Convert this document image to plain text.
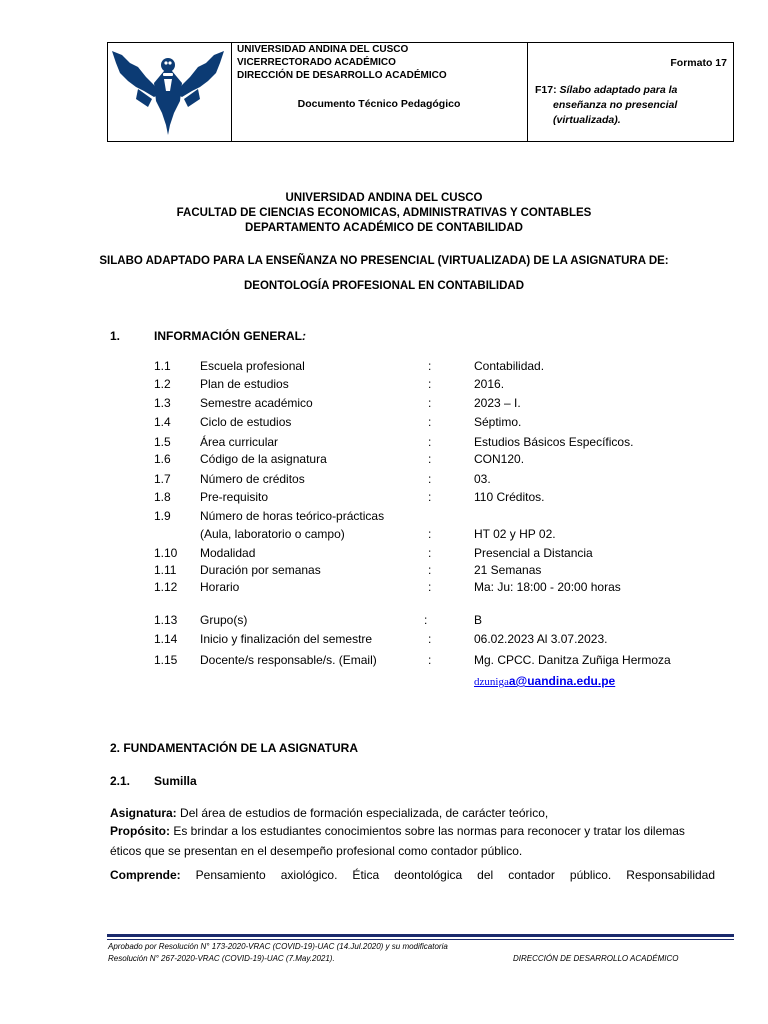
UNIVERSIDAD ANDINA DEL CUSCO
VICERRECTORADO ACADÉMICO
DIRECCIÓN DE DESARROLLO ACADÉMICO
Documento Técnico Pedagógico
Formato 17
F17: Sílabo adaptado para la
enseñanza no presencial
(virtualizada).
UNIVERSIDAD ANDINA DEL CUSCO
FACULTAD DE CIENCIAS ECONOMICAS, ADMINISTRATIVAS Y CONTABLES
DEPARTAMENTO ACADÉMICO DE CONTABILIDAD
SILABO ADAPTADO PARA LA ENSEÑANZA NO PRESENCIAL (VIRTUALIZADA) DE LA ASIGNATURA DE:
DEONTOLOGÍA PROFESIONAL EN CONTABILIDAD
1.	INFORMACIÓN GENERAL:
1.1 Escuela profesional	Contabilidad.
:
1.2 Plan de estudios	2016.
:
1.3 Semestre académico	2023 – I.
:
1.4 Ciclo de estudios	Séptimo.
:
1.5 Área curricular	Estudios Básicos Específicos.
:
1.6 Código de la asignatura	CON120.
:
1.7 Número de créditos	03.
:
1.8 Pre-requisito	110 Créditos.
:
1.9 Número de horas teórico-prácticas
(Aula, laboratorio o campo)	HT 02 y HP 02.
:
1.10 Modalidad	Presencial a Distancia
:
1.11 Duración por semanas	21 Semanas
:
1.12 Horario	Ma: Ju: 18:00 - 20:00 horas
:
1.13 Grupo(s)	B
:
1.14 Inicio y finalización del semestre	06.02.2023 Al 3.07.2023.
:
1.15 Docente/s responsable/s. (Email)	Mg. CPCC. Danitza Zuñiga Hermoza
:
dzunigaa@uandina.edu.pe
2. FUNDAMENTACIÓN DE LA ASIGNATURA
2.1. Sumilla
Asignatura: Del área de estudios de formación especializada, de carácter teórico,
Propósito: Es brindar a los estudiantes conocimientos sobre las normas para reconocer y tratar los dilemas
éticos que se presentan en el desempeño profesional como contador público.
Comprende: Pensamiento axiológico. Ética deontológica del contador público. Responsabilidad
Aprobado por Resolución N° 173-2020-VRAC (COVID-19)-UAC (14.Jul.2020) y su modificatoria
Resolución N° 267-2020-VRAC (COVID-19)-UAC (7.May.2021).	DIRECCIÓN DE DESARROLLO ACADÉMICO
